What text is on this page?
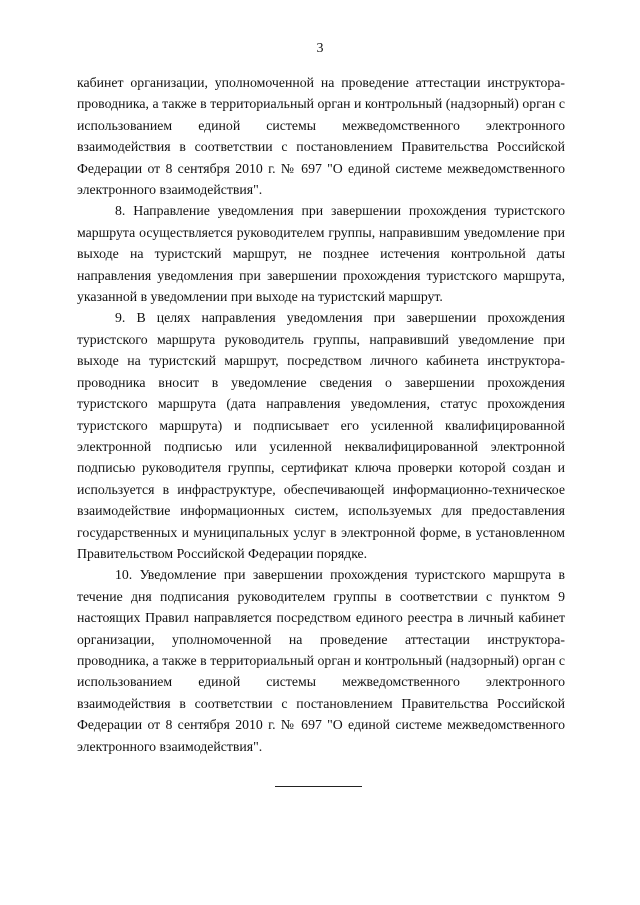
3

кабинет организации, уполномоченной на проведение аттестации инструктора-проводника, а также в территориальный орган и контрольный (надзорный) орган с использованием единой системы межведомственного электронного взаимодействия в соответствии с постановлением Правительства Российской Федерации от 8 сентября 2010 г. № 697 "О единой системе межведомственного электронного взаимодействия".

8. Направление уведомления при завершении прохождения туристского маршрута осуществляется руководителем группы, направившим уведомление при выходе на туристский маршрут, не позднее истечения контрольной даты направления уведомления при завершении прохождения туристского маршрута, указанной в уведомлении при выходе на туристский маршрут.

9. В целях направления уведомления при завершении прохождения туристского маршрута руководитель группы, направивший уведомление при выходе на туристский маршрут, посредством личного кабинета инструктора-проводника вносит в уведомление сведения о завершении прохождения туристского маршрута (дата направления уведомления, статус прохождения туристского маршрута) и подписывает его усиленной квалифицированной электронной подписью или усиленной неквалифицированной электронной подписью руководителя группы, сертификат ключа проверки которой создан и используется в инфраструктуре, обеспечивающей информационно-техническое взаимодействие информационных систем, используемых для предоставления государственных и муниципальных услуг в электронной форме, в установленном Правительством Российской Федерации порядке.

10. Уведомление при завершении прохождения туристского маршрута в течение дня подписания руководителем группы в соответствии с пунктом 9 настоящих Правил направляется посредством единого реестра в личный кабинет организации, уполномоченной на проведение аттестации инструктора-проводника, а также в территориальный орган и контрольный (надзорный) орган с использованием единой системы межведомственного электронного взаимодействия в соответствии с постановлением Правительства Российской Федерации от 8 сентября 2010 г. № 697 "О единой системе межведомственного электронного взаимодействия".
